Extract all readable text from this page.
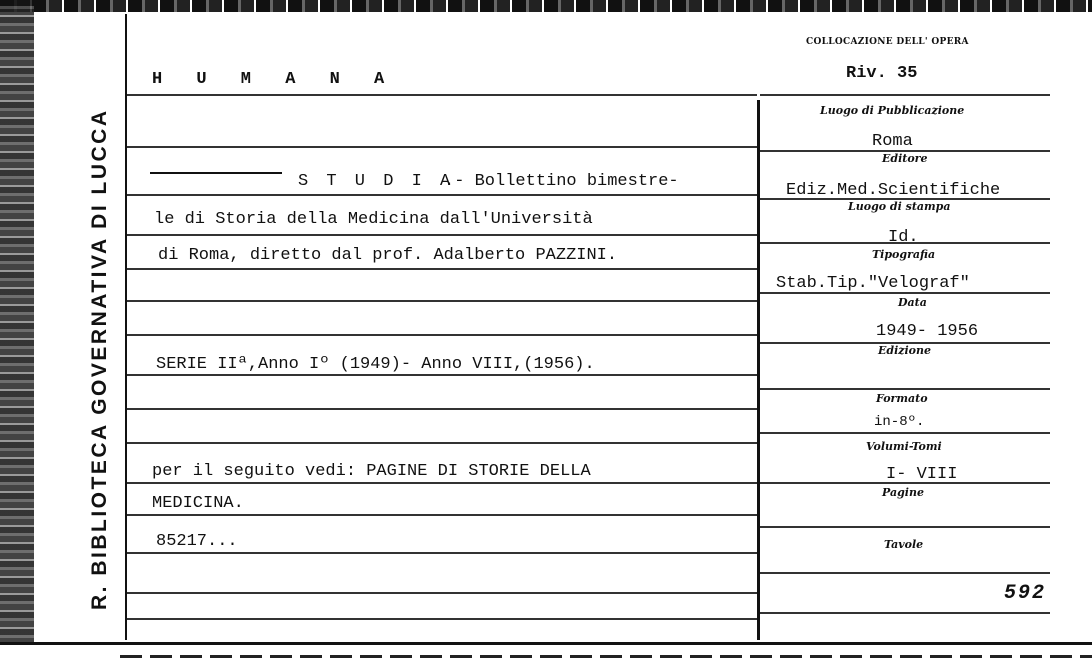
R. BIBLIOTECA GOVERNATIVA DI LUCCA
COLLOCAZIONE DELL' OPERA
Riv. 35
H U M A N A
S T U D I A
.- Bollettino bimestre-
le di Storia della Medicina dall'Università
di Roma, diretto dal prof. Adalberto PAZZINI.
SERIE IIª,Anno Iº (1949)- Anno VIII,(1956).
per il seguito vedi: PAGINE DI STORIE DELLA
MEDICINA.
85217...
Luogo di Pubblicazione
Roma
Editore
Ediz.Med.Scientifiche
Luogo di stampa
Id.
Tipografia
Stab.Tip."Velograf"
Data
1949- 1956
Edizione
Formato
in-8º.
Volumi-Tomi
I- VIII
Pagine
Tavole
592
